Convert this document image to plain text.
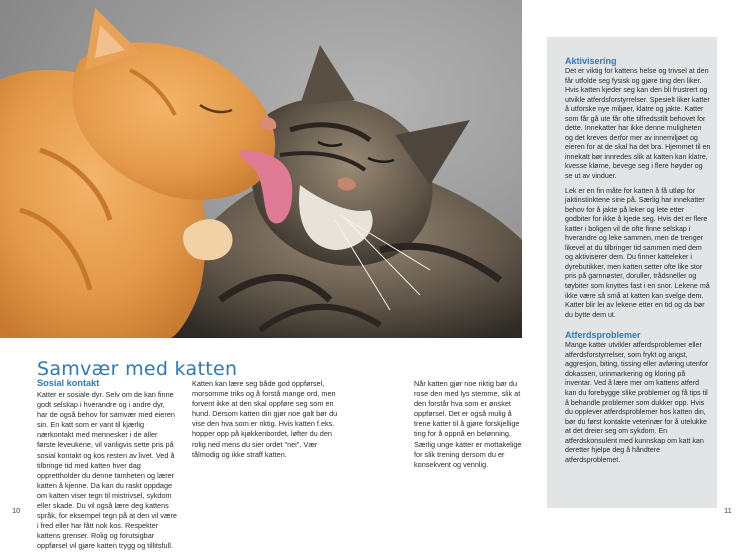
Samvær med katten
Sosial kontakt

Katter er sosiale dyr. Selv om de kan finne godt selskap i hverandre og i andre dyr, har de også behov for samvær med eieren sin. En katt som er vant til kjærlig nærkontakt med mennesker i de aller første leveukene, vil vanligvis sette pris på sosial kontakt og kos resten av livet. Ved å tilbringe tid med katten hver dag opprettholder du denne tamheten og lærer katten å kjenne. Da kan du raskt oppdage om katten viser tegn til mistrivsel, sykdom eller skade. Du vil også lære deg kattens språk, for eksempel tegn på at den vil være i fred eller har fått nok kos. Respekter kattens grenser. Rolig og forutsigbar oppførsel vil gjøre katten trygg og tillitsfull.

Katten kan lære seg både god oppførsel, morsomme triks og å forstå mange ord, men forvent ikke at den skal oppføre seg som en hund. Dersom katten din gjør noe galt bør du vise den hva som er riktig. Hvis katten f.eks. hopper opp på kjøkkenbordet, løfter du den rolig ned mens du sier ordet "nei". Vær tålmodig og ikke straff katten.

Når katten gjør noe riktig bør du rose den med lys stemme, slik at den forstår hva som er ønsket oppførsel. Det er også mulig å trene katter til å gjøre forskjellige ting for å oppnå en belønning. Særlig unge katter er mottakelige for slik trening dersom du er konsekvent og vennlig.

Aktivisering

Det er viktig for kattens helse og trivsel at den får utfolde seg fysisk og gjøre ting den liker. Hvis katten kjeder seg kan den bli frustrert og utvikle atferdsforstyrrelser. Spesielt liker katter å utforske nye miljøer, klatre og jakte. Katter som får gå ute får ofte tilfredsstilt behovet for dette. Innekatter har ikke denne muligheten og det kreves derfor mer av innemiljøet og eieren for at de skal ha det bra. Hjemmet til en innekatt bør innredes slik at katten kan klatre, kvesse klørne, bevege seg i flere høyder og se ut av vinduer.

Lek er en fin måte for katten å få utløp for jaktinstinktene sine på. Særlig har innekatter behov for å jakte på leker og lete etter godbiter for ikke å kjede seg. Hvis det er flere katter i boligen vil de ofte finne selskap i hverandre og leke sammen, men de trenger likevel at du tilbringer tid sammen med dem og aktiviserer dem. Du finner katteleker i dyrebutikker, men katten setter ofte like stor pris på garnnøster, doruller, trådsneller og tøybiter som knyttes fast i en snor. Lekene må ikke være så små at katten kan svelge dem. Katter blir lei av lekene etter en tid og da bør du bytte dem ut.

Atferdsproblemer

Mange katter utvikler atferdsproblemer eller atferdsforstyrrelser, som frykt og angst, aggresjon, biting, tissing eller avføring utenfor dokassen, urinmarkering og kloring på inventar. Ved å lære mer om kattens atferd kan du forebygge slike problemer og få tips til å behandle problemer som dukker opp. Hvis du opplever atferdsproblemer hos katten din, bør du først kontakte veterinær for å utelukke at det dreier seg om sykdom. En atferdskonsulent med kunnskap om katt kan deretter hjelpe deg å håndtere atferdsproblemet.

10	11
